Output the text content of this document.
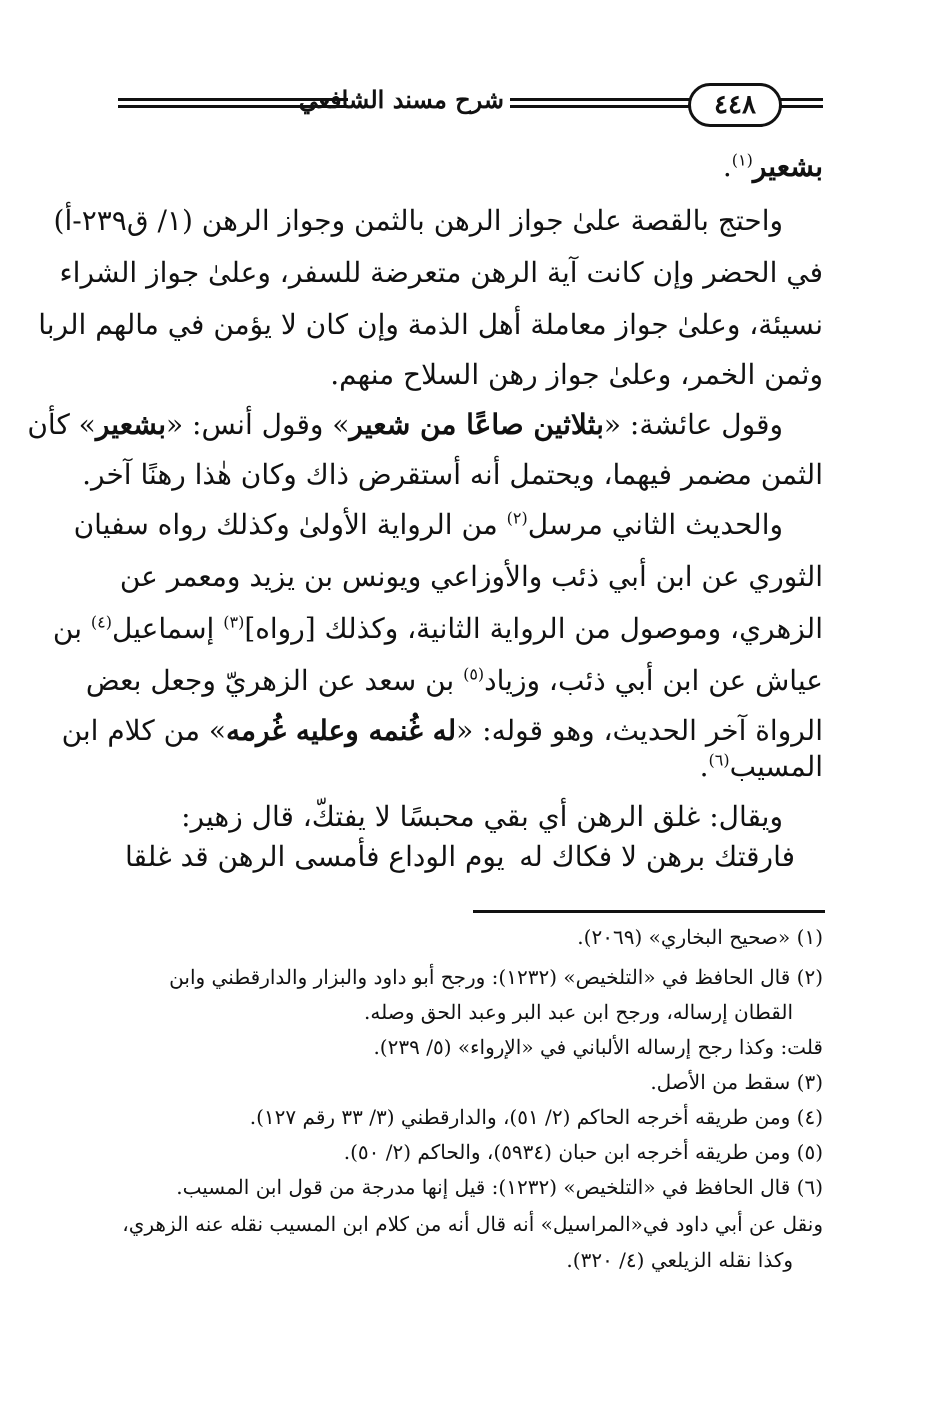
شرح مسند الشافعي	٤٤٨
بشعير$^{(١)}$.
واحتج بالقصة علىٰ جواز الرهن بالثمن وجواز الرهن (١/ ق٢٣٩-أ)
في الحضر وإن كانت آية الرهن متعرضة للسفر، وعلىٰ جواز الشراء
نسيئة، وعلىٰ جواز معاملة أهل الذمة وإن كان لا يؤمن في مالهم الربا
وثمن الخمر، وعلىٰ جواز رهن السلاح منهم.
وقول عائشة: «بثلاثين صاعًا من شعير» وقول أنس: «بشعير» كأن
الثمن مضمر فيهما، ويحتمل أنه أستقرض ذاك وكان هٰذا رهنًا آخر.
والحديث الثاني مرسل$^{(٢)}$ من الرواية الأولىٰ وكذلك رواه سفيان
الثوري عن ابن أبي ذئب والأوزاعي ويونس بن يزيد ومعمر عن
الزهري، وموصول من الرواية الثانية، وكذلك [رواه]$^{(٣)}$ إسماعيل$^{(٤)}$ بن
عياش عن ابن أبي ذئب، وزياد$^{(٥)}$ بن سعد عن الزهريّ وجعل بعض
الرواة آخر الحديث، وهو قوله: «له غُنمه وعليه غُرمه» من كلام ابن
المسيب$^{(٦)}$.
ويقال: غلق الرهن أي بقي محبسًا لا يفتكّ، قال زهير:
فارقتك برهن لا فكاك له
يوم الوداع فأمسى الرهن قد غلقا
(١) «صحيح البخاري» (٢٠٦٩).
(٢) قال الحافظ في «التلخيص» (١٢٣٢): ورجح أبو داود والبزار والدارقطني وابن
القطان إرساله، ورجح ابن عبد البر وعبد الحق وصله.
قلت: وكذا رجح إرساله الألباني في «الإرواء» (٥/ ٢٣٩).
(٣) سقط من الأصل.
(٤) ومن طريقه أخرجه الحاكم (٢/ ٥١)، والدارقطني (٣/ ٣٣ رقم ١٢٧).
(٥) ومن طريقه أخرجه ابن حبان (٥٩٣٤)، والحاكم (٢/ ٥٠).
(٦) قال الحافظ في «التلخيص» (١٢٣٢): قيل إنها مدرجة من قول ابن المسيب.
ونقل عن أبي داود في«المراسيل» أنه قال أنه من كلام ابن المسيب نقله عنه الزهري،
وكذا نقله الزيلعي (٤/ ٣٢٠).
